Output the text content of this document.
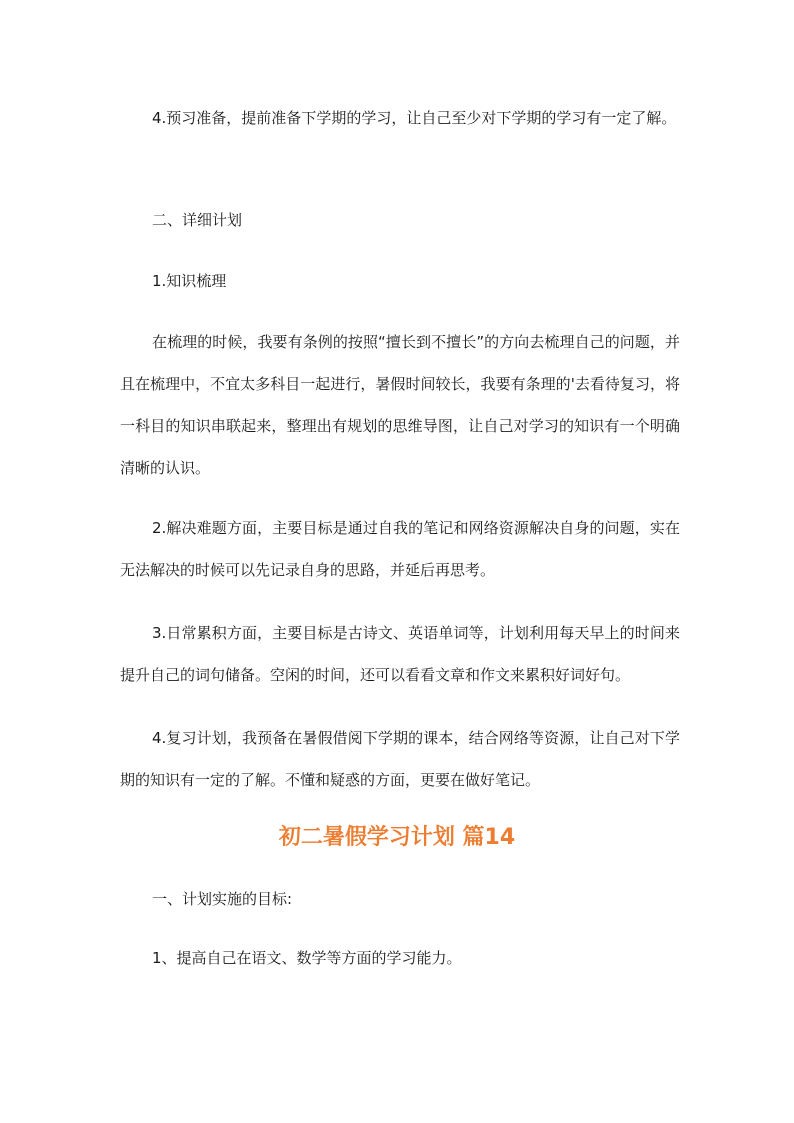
4.预习准备，提前准备下学期的学习，让自己至少对下学期的学习有一定了解。

二、详细计划

1.知识梳理

在梳理的时候，我要有条例的按照“擅长到不擅长”的方向去梳理自己的问题，并且在梳理中，不宜太多科目一起进行，暑假时间较长，我要有条理的'去看待复习，将一科目的知识串联起来，整理出有规划的思维导图，让自己对学习的知识有一个明确清晰的认识。

2.解决难题方面，主要目标是通过自我的笔记和网络资源解决自身的问题，实在无法解决的时候可以先记录自身的思路，并延后再思考。

3.日常累积方面，主要目标是古诗文、英语单词等，计划利用每天早上的时间来提升自己的词句储备。空闲的时间，还可以看看文章和作文来累积好词好句。

4.复习计划，我预备在暑假借阅下学期的课本，结合网络等资源，让自己对下学期的知识有一定的了解。不懂和疑惑的方面，更要在做好笔记。

初二暑假学习计划 篇14

一、计划实施的目标:

1、提高自己在语文、数学等方面的学习能力。
